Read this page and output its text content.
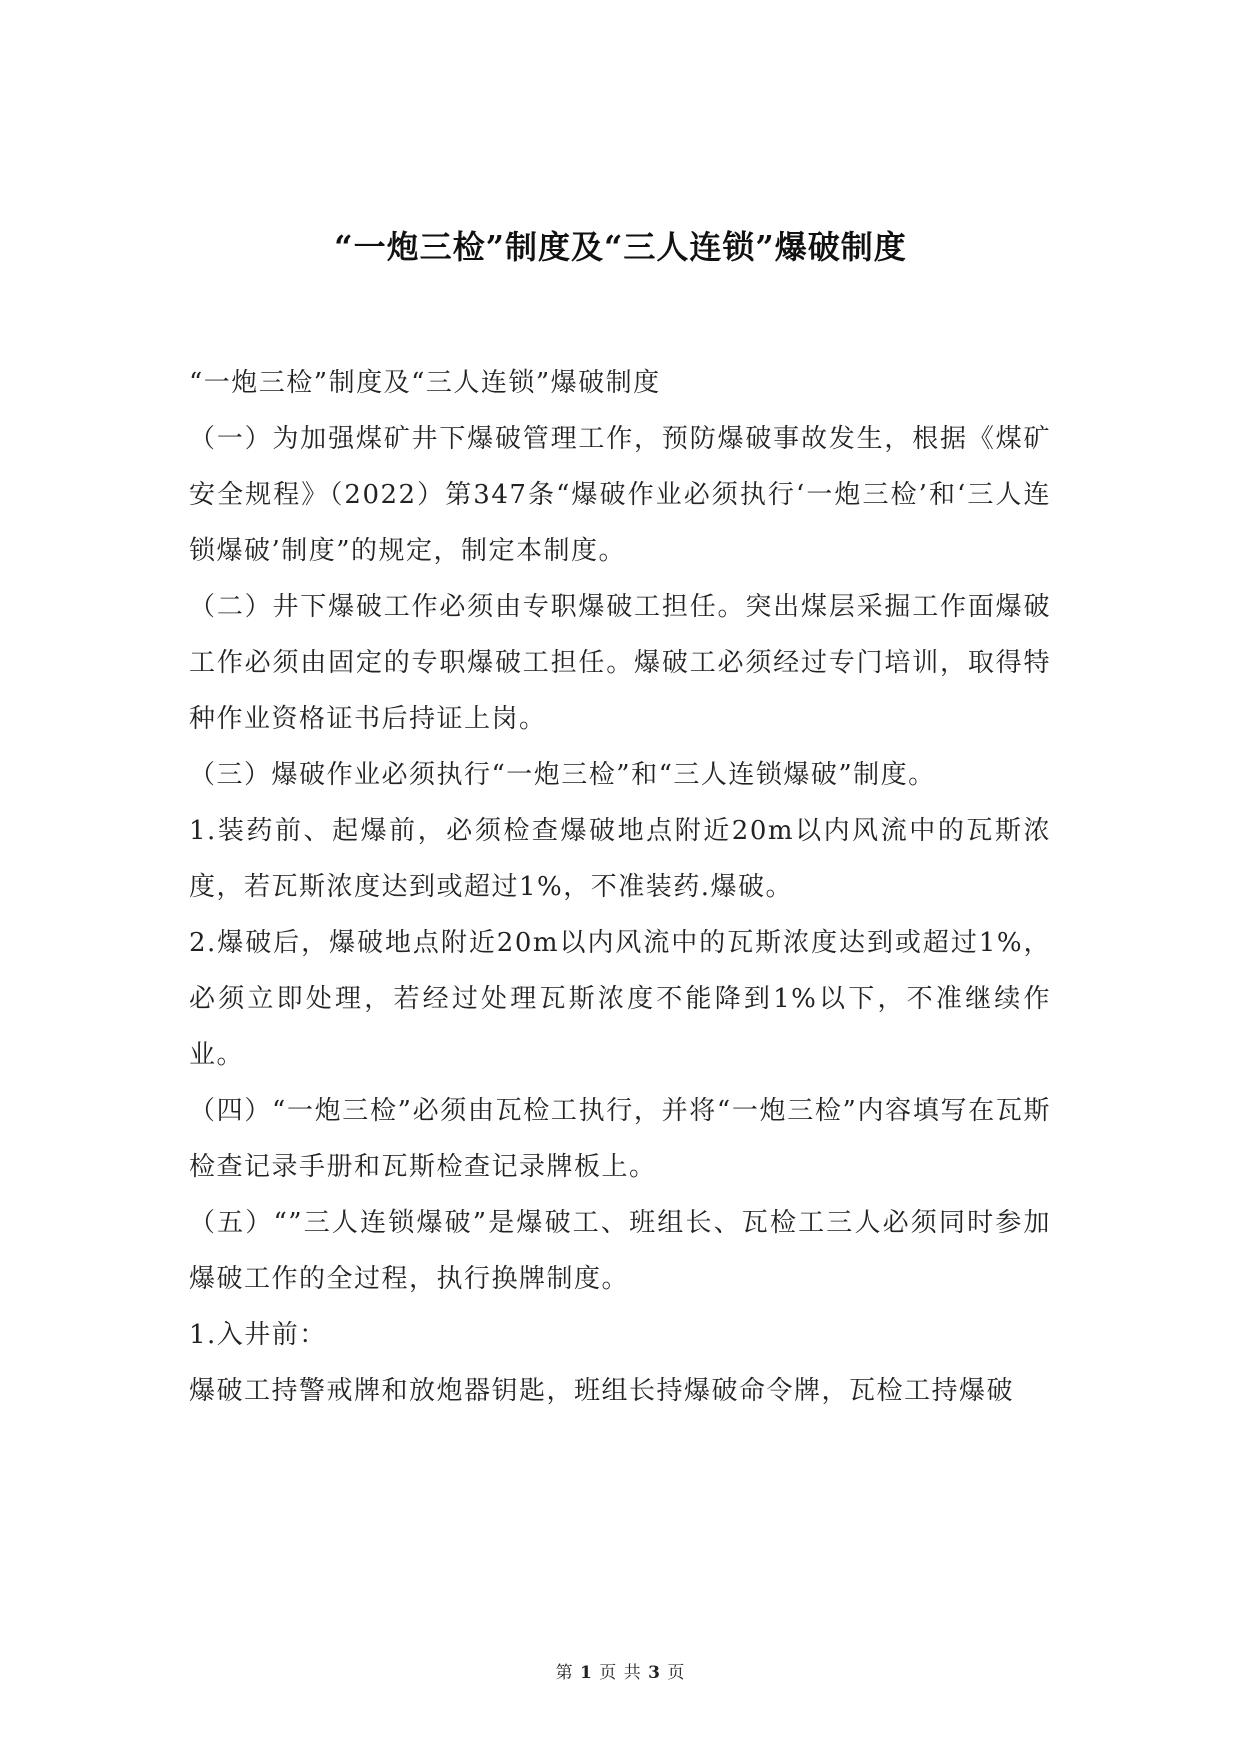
“一炮三检”制度及“三人连锁”爆破制度

“一炮三检”制度及“三人连锁”爆破制度

（一）为加强煤矿井下爆破管理工作，预防爆破事故发生，根据《煤矿安全规程》（2022）第347条“爆破作业必须执行‘一炮三检’和‘三人连锁爆破’制度”的规定，制定本制度。

（二）井下爆破工作必须由专职爆破工担任。突出煤层采掘工作面爆破工作必须由固定的专职爆破工担任。爆破工必须经过专门培训，取得特种作业资格证书后持证上岗。

（三）爆破作业必须执行“一炮三检”和“三人连锁爆破”制度。

1.装药前、起爆前，必须检查爆破地点附近20m以内风流中的瓦斯浓度，若瓦斯浓度达到或超过1%，不准装药.爆破。

2.爆破后，爆破地点附近20m以内风流中的瓦斯浓度达到或超过1%，必须立即处理，若经过处理瓦斯浓度不能降到1%以下，不准继续作业。

（四）“一炮三检”必须由瓦检工执行，并将“一炮三检”内容填写在瓦斯检查记录手册和瓦斯检查记录牌板上。

（五）“”三人连锁爆破”是爆破工、班组长、瓦检工三人必须同时参加爆破工作的全过程，执行换牌制度。

1.入井前：

爆破工持警戒牌和放炮器钥匙，班组长持爆破命令牌，瓦检工持爆破

第 1 页 共 3 页
